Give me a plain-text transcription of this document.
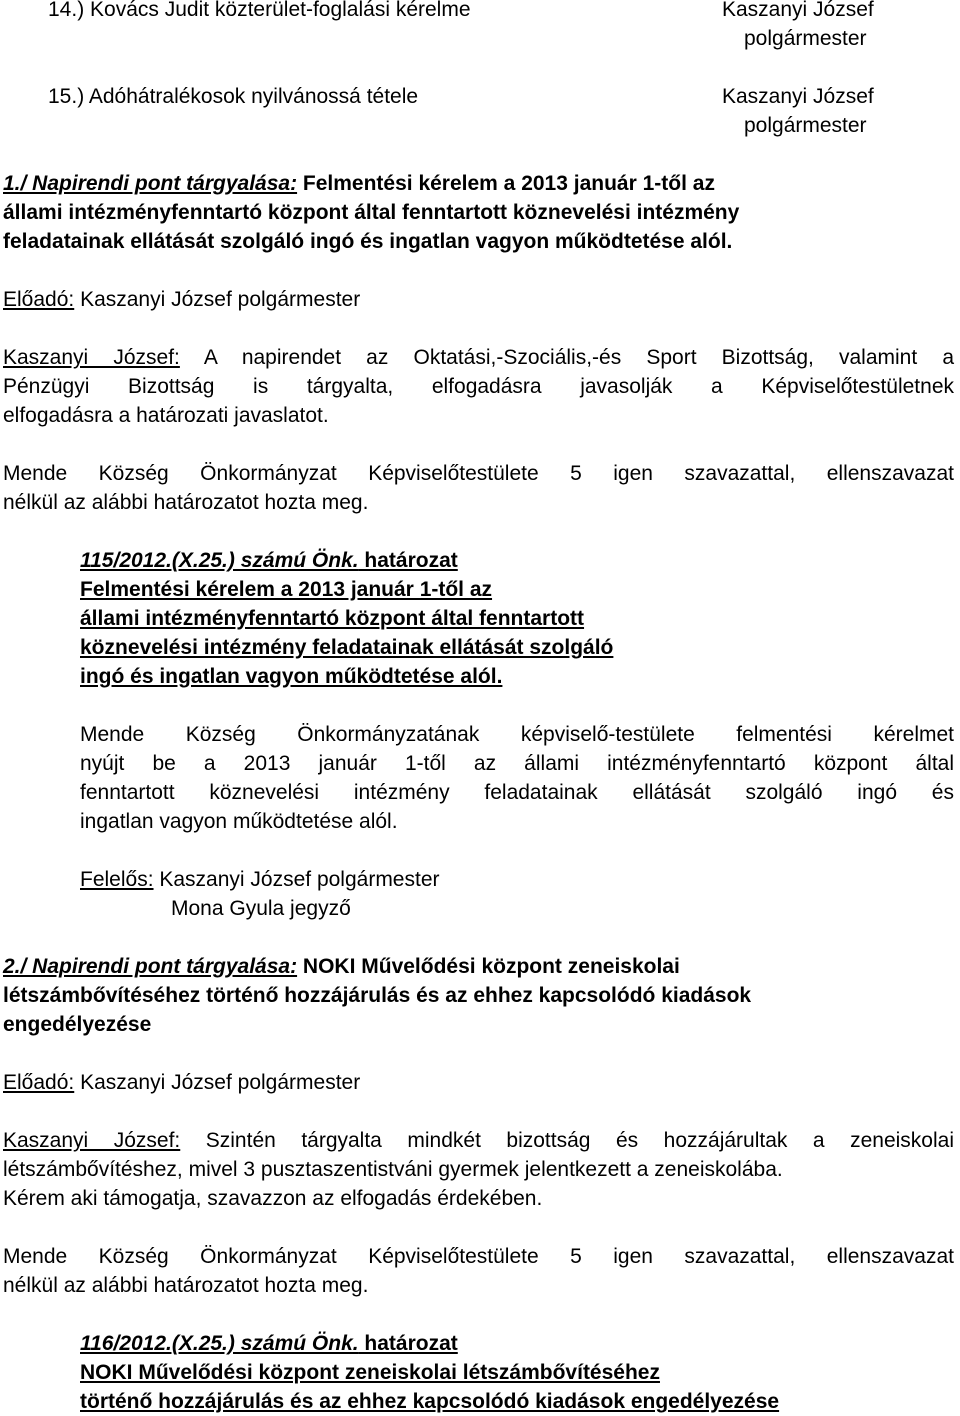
14.) Kovács Judit közterület-foglalási kérelme	Kaszanyi József
polgármester
15.) Adóhátralékosok nyilvánossá tétele	Kaszanyi József
polgármester
1./ Napirendi pont tárgyalása: Felmentési kérelem a 2013 január 1-től az
állami intézményfenntartó központ által fenntartott köznevelési intézmény
feladatainak ellátását szolgáló ingó és ingatlan vagyon működtetése alól.
Előadó: Kaszanyi József polgármester
Kaszanyi József: A napirendet az Oktatási,-Szociális,-és Sport Bizottság, valamint a
Pénzügyi Bizottság is tárgyalta, elfogadásra javasolják a Képviselőtestületnek
elfogadásra a határozati javaslatot.
Mende Község Önkormányzat Képviselőtestülete 5 igen szavazattal, ellenszavazat
nélkül az alábbi határozatot hozta meg.
115/2012.(X.25.) számú Önk. határozat
Felmentési kérelem a 2013 január 1-től az
állami intézményfenntartó központ által fenntartott
köznevelési intézmény feladatainak ellátását szolgáló
ingó és ingatlan vagyon működtetése alól.
Mende Község Önkormányzatának képviselő-testülete felmentési kérelmet
nyújt be a 2013 január 1-től az állami intézményfenntartó központ által
fenntartott köznevelési intézmény feladatainak ellátását szolgáló ingó és
ingatlan vagyon működtetése alól.
Felelős: Kaszanyi József polgármester
Mona Gyula jegyző
2./ Napirendi pont tárgyalása: NOKI Művelődési központ zeneiskolai
létszámbővítéséhez történő hozzájárulás és az ehhez kapcsolódó kiadások
engedélyezése
Előadó: Kaszanyi József polgármester
Kaszanyi József: Szintén tárgyalta mindkét bizottság és hozzájárultak a zeneiskolai
létszámbővítéshez, mivel 3 pusztaszentistváni gyermek jelentkezett a zeneiskolába.
Kérem aki támogatja, szavazzon az elfogadás érdekében.
Mende Község Önkormányzat Képviselőtestülete 5 igen szavazattal, ellenszavazat
nélkül az alábbi határozatot hozta meg.
116/2012.(X.25.) számú Önk. határozat
NOKI Művelődési központ zeneiskolai létszámbővítéséhez
történő hozzájárulás és az ehhez kapcsolódó kiadások engedélyezése
